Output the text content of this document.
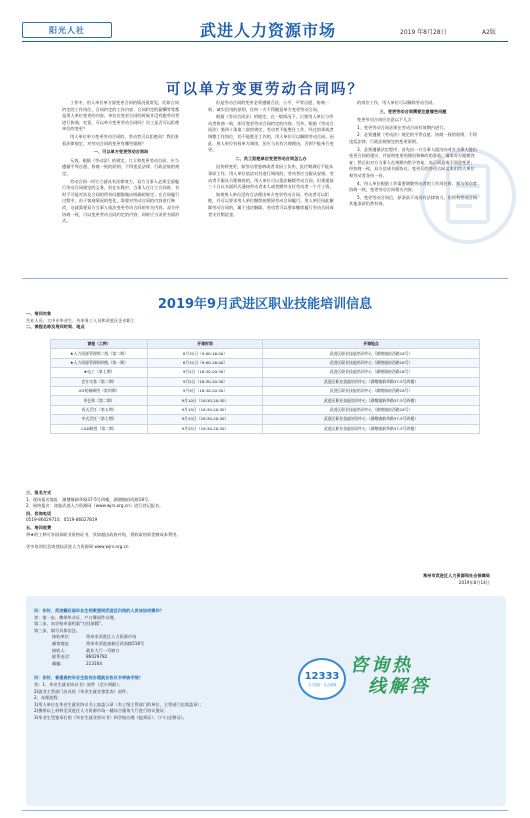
阳光人社	武进人力资源市场	2019 年8月28日	A2版
可以单方变更劳动合同吗？

工作中，用人单位单方面变更合同的情况很常见，比如合同约定的工作岗位、合同约定的工作内容、合同约定的薪酬等等都是用人单位变更的内容。单位在变更合同的时候并没有跟劳动者进行协商。究竟，可以单方变更劳动合同吗？员工是否可以拒绝单位的变更？

用人单位单方变更劳动合同的，劳动者可以拒绝吗？我们来看法律规定，对劳动合同的变更有哪些限制？

一、可以单方变更劳动合同吗

无效。根据《劳动法》的规定，订立和变更劳动合同，应当遵循平等自愿、协商一致的原则，不得违反法律、行政法规的规定。

劳动合同一经订立就具有法律效力，双方当事人必须全面履行劳动合同规定的义务，但在实践中，当事人在订立合同时，有时不可能对涉及合同的所有问题都做出明确的规定；在合同履行过程中，由于客观情况的变化，需要对劳动合同的内容进行修改，这就需要双方当事人依法变更劳动合同的有关内容。双方经协商一致，可以变更劳动合同约定的内容，同时应当采用书面形式。

但是劳动合同的变更必须遵循合法、公平、平等自愿、协商一致、诚实信用的原则，任何一方不得随意单方变更劳动合同。

根据《劳动合同法》的规定，在一般情况下，只要用人单位与劳动者协商一致，即可变更劳动合同约定的内容。另外，根据《劳动合同法》第四十条第二款的规定，劳动者不能胜任工作，经过培训或者调整工作岗位，仍不能胜任工作的，用人单位可以解除劳动合同。因此，用人单位有权单方调岗，但应当具有合理理由，否则不能单方变更。

二、员工拒绝单位变更劳动合同怎么办

因伤病变更，如劳动者患病或者非因工负伤，医疗期满后不能从事原工作，用人单位依法对其进行调岗的，劳动者应当服从安排。劳动者不服从合理调岗的，用人单位可以依法解除劳动合同，但须提前三十日以书面形式通知劳动者本人或者额外支付劳动者一个月工资。

如果用人单位没有合法理由单方变更劳动合同，劳动者可以拒绝，并可以要求用人单位继续按照原劳动合同履行。用人单位因此解除劳动合同的，属于违法解除，劳动者可以要求继续履行劳动合同或者支付赔偿金。

的岗位工作，用人单位可以解除劳动合同。

三、变更劳动合同需要注意哪些问题

变更劳动合同应注意以下几点：

1、变更劳动合同必须在劳动合同有效期内进行。

2、必须遵循《劳动法》规定的平等自愿、协商一致的原则，不得违反法律、行政法规规定的变更原则。

3、必须遵循法定程序。首先由一方当事人提出向对方当事人提出变更合同的建议，并说明变更的理由和修改的条款、请求对方限期答复；然后由对方当事人在规期内给予答复，表示同意或不同意变更；经协商一致，双方达成书面协议。变更后的劳动合同文本由用人单位和劳动者各执一份。

4、用人单位根据工作需要调整劳动者的工作岗位时，须与劳动者协商一致，变更劳动合同相关内容。

5、变更劳动合同后，原条款不再具有法律效力，但所有劳动合同其他条款仍然有效。

2019年9月武进区职业技能培训信息

一、培训对象

失业人员、大中专毕业生、外来务工人员和武进区企业职工

二、课程名称及培训时间、地点

课程（工种）	开课时间	开课地点
★人力资源管理师二级（第二期）	8月31日（9:00-16:00）	武进区职业技能培训中心（湖塘镇府西路18号）
★人力资源管理师四级（第一期）	8月31日（9:00-16:00）	武进区职业技能培训中心（湖塘镇府西路18号）
★电工（第七期）	9月2日（18:30-20:30）	武进区职业技能培训中心（湖塘镇府西路18号）
会计实务（第二期）	9月2日（18:30-20:30）	武进区职业技能培训中心（湖塘镇新华路37-5号四楼）
UG机械制图（第四期）	9月9日（18:30-20:30）	武进区职业技能培训中心（湖塘镇府西路18号）
茶艺师（第二期）	9月10日（18:30-20:30）	武进区职业技能培训中心（湖塘镇新华路37-5号四楼）
西式烹饪（第五期）	9月19日（18:30-20:30）	武进区职业技能培训中心（湖塘镇府西路18号）
中式烹饪（第七期）	9月23日（18:30-20:30）	武进区职业技能培训中心（湖塘镇新华路37-5号四楼）
CAD制图（第二期）	9月25日（18:30-20:30）	武进区职业技能培训中心（湖塘镇新华路37-5号四楼）

三、报名方式

1、现场报名地址：湖塘镇新华路37-5号四楼、湖塘镇府西路18号。

2、网络报名：登陆武进人力资源网（www.wjrs.org.cn）进行登记报名。

四、咨询电话

0519-86029710、0519-86027819

五、培训收费

带★的工种可享国家职业资格证书，其如超出政府补贴，将收取培训差额成本费用。

更多培训信息请登陆武进人力资源网 www.wjrs.org.cn

常州市武进区人力资源和社会保障局
2019年8月14日

问：你好，武进籍应届毕业生档案想到武进区归档的人员该如何操作？

答：第一步，携带毕业证、户口簿原件办理。

第二步，向学校申请档案“打回原籍”。

第三步，填写具体信息。

接收单位：	常州市武进区人力资源市场
邮寄地址：	常州市武进高新区武南路518号
接收人：	就业大厅一号窗口
联系电话：	86029782
邮编：	213164

问：你好，普通高校毕业生如何办理就业协议书审核手续？

答：1、毕业生就业协议书》原件（至少两联）；

2)就业主管部门出具的《毕业生就业推荐表》原件。

2、办理流程：

1)用人单位在毕业生就业协议书上加盖公章（有上级主管部门的单位，主管部门也需盖章）；

2)携带以上材料至武进区人力资源市场一楼综合服务大厅进行协议鉴证；

3)毕业生凭鉴章后的《毕业生就业协议书》到学校办理《报到证》、《户口迁移证》。

12333
人力资源 · 社会保障
咨询热
线解答
